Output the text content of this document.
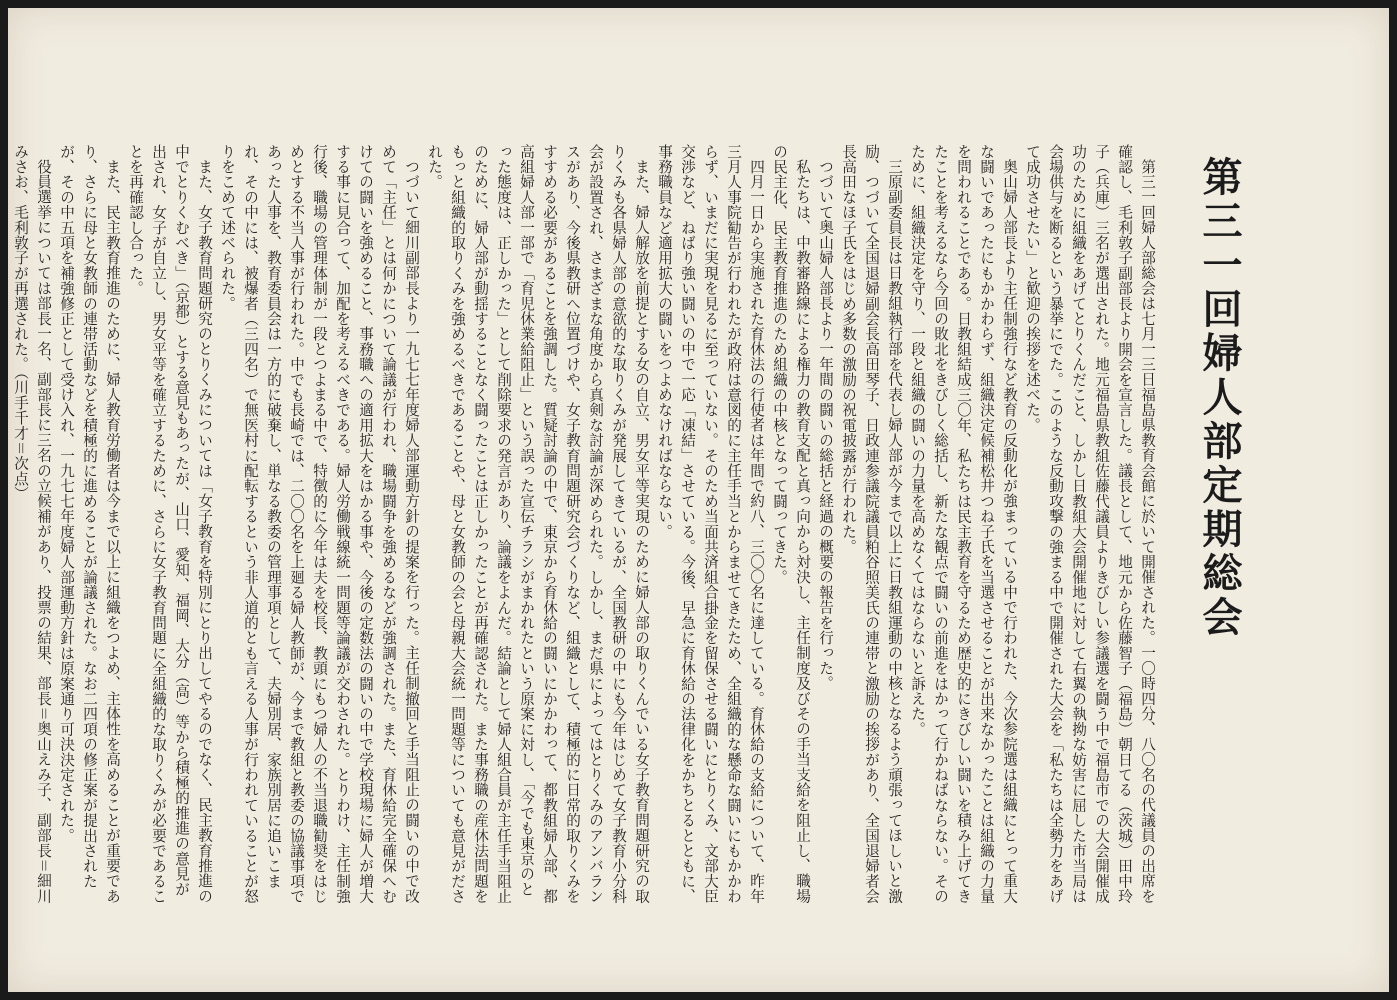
第三一回婦人部定期総会

第三一回婦人部総会は七月一三日福島県教育会館に於いて開催された。一〇時四分、八〇名の代議員の出席を確認し、毛利敦子副部長より開会を宣言した。議長として、地元から佐藤智子（福島）朝日てる（茨城）田中玲子（兵庫）三名が選出された。地元福島県教組佐藤代議員よりきびしい参議選を闘う中で福島市での大会開催成功のために組織をあげてとりくんだこと、しかし日教組大会開催地に対して右翼の執拗な妨害に屈した市当局は会場供与を断るという暴挙にでた。このような反動攻撃の強まる中で開催された大会を「私たちは全勢力をあげて成功させたい」と歓迎の挨拶を述べた。

奥山婦人部長より主任制強行など教育の反動化が強まっている中で行われた、今次参院選は組織にとって重大な闘いであったにもかかわらず、組織決定候補松井つね子氏を当選させることが出来なかったことは組織の力量を問われることである。日教組結成三〇年、私たちは民主教育を守るため歴史的にきびしい闘いを積み上げてきたことを考えるなら今回の敗北をきびしく総括し、新たな観点で闘いの前進をはかって行かねばならない。そのために、組織決定を守り、一段と組織の闘いの力量を高めなくてはならないと訴えた。

三原副委員長は日教組執行部を代表し婦人部が今まで以上に日教組運動の中核となるよう頑張ってほしいと激励、つづいて全国退婦副会長高田琴子、日政連参議院議員粕谷照美氏の連帯と激励の挨拶があり、全国退婦者会長高田なほ子氏をはじめ多数の激励の祝電披露が行われた。

つづいて奥山婦人部長より一年間の闘いの総括と経過の概要の報告を行った。

私たちは、中教審路線による権力の教育支配と真っ向から対決し、主任制度及びその手当支給を阻止し、職場の民主化、民主教育推進のため組織の中核となって闘ってきた。

四月一日から実施された育休法の行使者は年間で約八、三〇〇名に達している。育休給の支給について、昨年三月人事院勧告が行われたが政府は意図的に主任手当とからませてきたため、全組織的な懸命な闘いにもかかわらず、いまだに実現を見るに至っていない。そのため当面共済組合掛金を留保させる闘いにとりくみ、文部大臣交渉など、ねばり強い闘いの中で一応「凍結」させている。今後、早急に育休給の法律化をかちとるとともに、事務職員など適用拡大の闘いをつよめなければならない。

また、婦人解放を前提とする女の自立、男女平等実現のために婦人部の取りくんでいる女子教育問題研究の取りくみも各県婦人部の意欲的な取りくみが発展してきているが、全国教研の中にも今年はじめて女子教育小分科会が設置され、さまざまな角度から真剣な討論が深められた。しかし、まだ県によってはとりくみのアンバランスがあり、今後県教研へ位置づけや、女子教育問題研究会づくりなど、組織として、積極的に日常的取りくみをすすめる必要があることを強調した。質疑討論の中で、東京から育休給の闘いにかかわって、都教組婦人部、都高組婦人部一部で「育児休業給阻止」という誤った宣伝チラシがまかれたという原案に対し、「今でも東京のとった態度は、正しかった」として削除要求の発言があり、論議をよんだ。結論として婦人組合員が主任手当阻止のために、婦人部が動揺することなく闘ったことは正しかったことが再確認された。また事務職の産休法問題をもっと組織的取りくみを強めるべきであることや、母と女教師の会と母親大会統一問題等についても意見がだされた。

つづいて細川副部長より一九七七年度婦人部運動方針の提案を行った。主任制撤回と手当阻止の闘いの中で改めて「主任」とは何かについて論議が行われ、職場闘争を強めるなどが強調された。また、育休給完全確保へむけての闘いを強めること、事務職への適用拡大をはかる事や、今後の定数法の闘いの中で学校現場に婦人が増大する事に見合って、加配を考えるべきである。婦人労働戦線統一問題等論議が交わされた。とりわけ、主任制強行後、職場の管理体制が一段とつよまる中で、特徴的に今年は夫を校長、教頭にもつ婦人の不当退職勧奨をはじめとする不当人事が行われた。中でも長崎では、二〇〇名を上廻る婦人教師が、今まで教組と教委の協議事項であった人事を、教育委員会は一方的に破棄し、単なる教委の管理事項として、夫婦別居、家族別居に追いこまれ、その中には、被爆者（三四名）で無医村に配転するという非人道的とも言える人事が行われていることが怒りをこめて述べられた。

また、女子教育問題研究のとりくみについては「女子教育を特別にとり出してやるのでなく、民主教育推進の中でとりくむべき」（京都）とする意見もあったが、山口、愛知、福岡、大分（高）等から積極的推進の意見が出され、女子が自立し、男女平等を確立するために、さらに女子教育問題に全組織的な取りくみが必要であることを再確認し合った。

また、民主教育推進のために、婦人教育労働者は今まで以上に組織をつよめ、主体性を高めることが重要であり、さらに母と女教師の連帯活動などを積極的に進めることが論議された。なお二四項の修正案が提出されたが、その中五項を補強修正として受け入れ、一九七七年度婦人部運動方針は原案通り可決決定された。

役員選挙については部長一名、副部長に三名の立候補があり、投票の結果、部長＝奥山えみ子、副部長＝細川みさお、毛利敦子が再選された。（川手千才＝次点）
